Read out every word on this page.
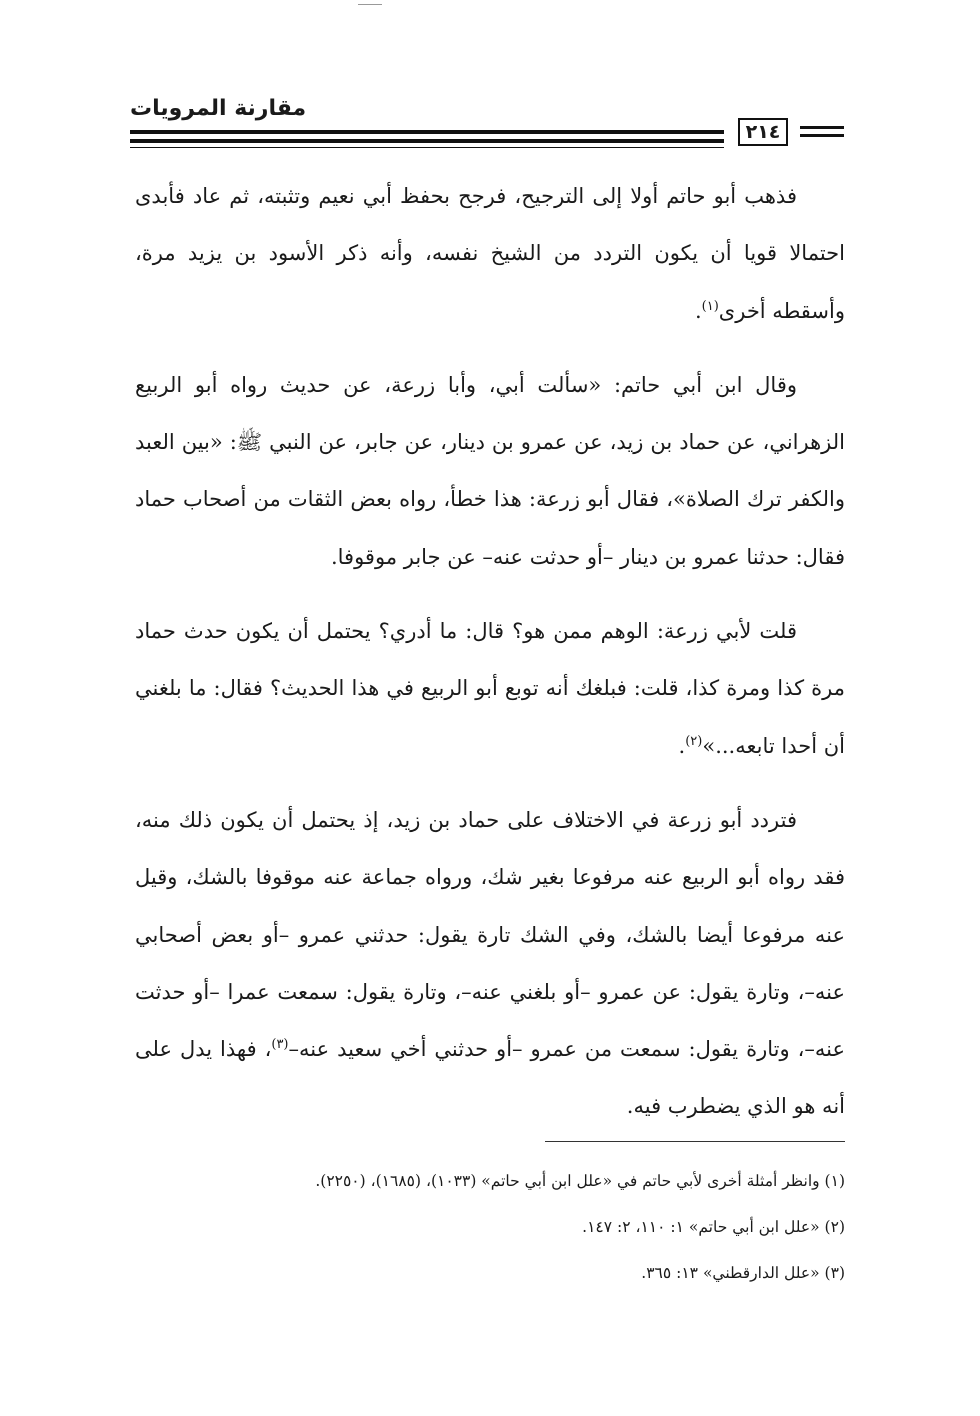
مقارنة المرويات
٢١٤

فذهب أبو حاتم أولا إلى الترجيح، فرجح بحفظ أبي نعيم وتثبته، ثم عاد فأبدى احتمالا قويا أن يكون التردد من الشيخ نفسه، وأنه ذكر الأسود بن يزيد مرة، وأسقطه أخرى$^{(١)}$.

وقال ابن أبي حاتم: «سألت أبي، وأبا زرعة، عن حديث رواه أبو الربيع الزهراني، عن حماد بن زيد، عن عمرو بن دينار، عن جابر، عن النبي ﷺ: «بين العبد والكفر ترك الصلاة»، فقال أبو زرعة: هذا خطأ، رواه بعض الثقات من أصحاب حماد فقال: حدثنا عمرو بن دينار –أو حدثت عنه– عن جابر موقوفا.

قلت لأبي زرعة: الوهم ممن هو؟ قال: ما أدري؟ يحتمل أن يكون حدث حماد مرة كذا ومرة كذا، قلت: فبلغك أنه توبع أبو الربيع في هذا الحديث؟ فقال: ما بلغني أن أحدا تابعه...»$^{(٢)}$.

فتردد أبو زرعة في الاختلاف على حماد بن زيد، إذ يحتمل أن يكون ذلك منه، فقد رواه أبو الربيع عنه مرفوعا بغير شك، ورواه جماعة عنه موقوفا بالشك، وقيل عنه مرفوعا أيضا بالشك، وفي الشك تارة يقول: حدثني عمرو –أو بعض أصحابي عنه–، وتارة يقول: عن عمرو –أو بلغني عنه–، وتارة يقول: سمعت عمرا –أو حدثت عنه–، وتارة يقول: سمعت من عمرو –أو حدثني أخي سعيد عنه–$^{(٣)}$، فهذا يدل على أنه هو الذي يضطرب فيه.

(١) وانظر أمثلة أخرى لأبي حاتم في «علل ابن أبي حاتم» (١٠٣٣)، (١٦٨٥)، (٢٢٥٠).

(٢) «علل ابن أبي حاتم» ١: ١١٠، ٢: ١٤٧.

(٣) «علل الدارقطني» ١٣: ٣٦٥.
